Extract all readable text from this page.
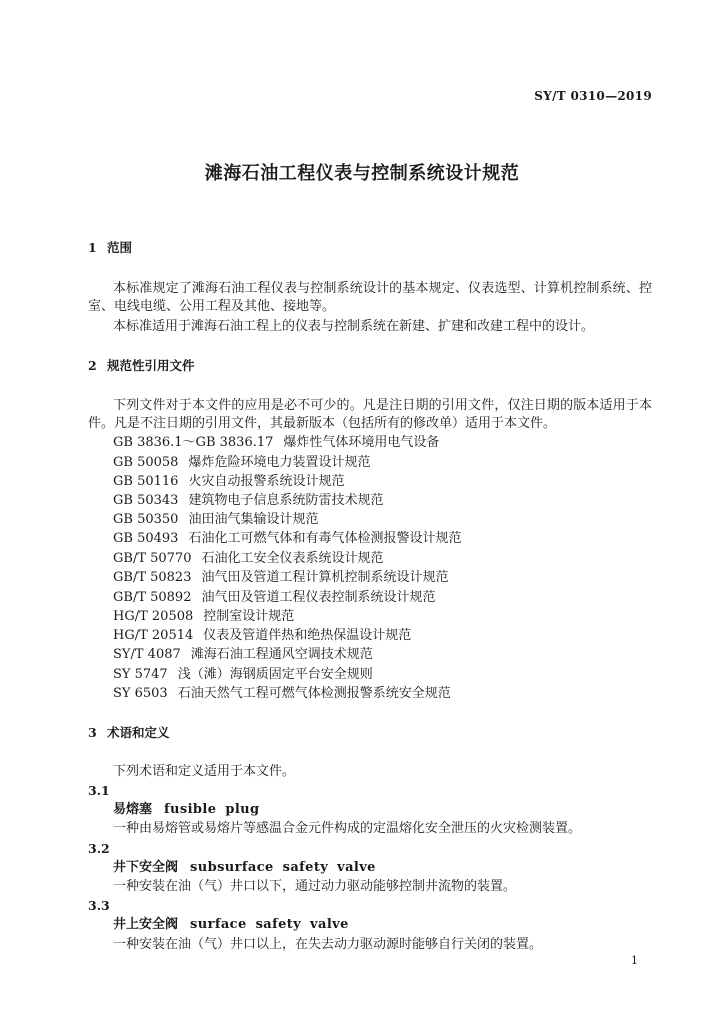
SY/T 0310—2019
滩海石油工程仪表与控制系统设计规范
1 范围
本标准规定了滩海石油工程仪表与控制系统设计的基本规定、仪表选型、计算机控制系统、控
室、电线电缆、公用工程及其他、接地等。
本标准适用于滩海石油工程上的仪表与控制系统在新建、扩建和改建工程中的设计。
2 规范性引用文件
下列文件对于本文件的应用是必不可少的。凡是注日期的引用文件，仅注日期的版本适用于本
件。凡是不注日期的引用文件，其最新版本（包括所有的修改单）适用于本文件。
GB 3836.1～GB 3836.17 爆炸性气体环境用电气设备
GB 50058 爆炸危险环境电力装置设计规范
GB 50116 火灾自动报警系统设计规范
GB 50343 建筑物电子信息系统防雷技术规范
GB 50350 油田油气集输设计规范
GB 50493 石油化工可燃气体和有毒气体检测报警设计规范
GB/T 50770 石油化工安全仪表系统设计规范
GB/T 50823 油气田及管道工程计算机控制系统设计规范
GB/T 50892 油气田及管道工程仪表控制系统设计规范
HG/T 20508 控制室设计规范
HG/T 20514 仪表及管道伴热和绝热保温设计规范
SY/T 4087 滩海石油工程通风空调技术规范
SY 5747 浅（滩）海钢质固定平台安全规则
SY 6503 石油天然气工程可燃气体检测报警系统安全规范
3 术语和定义
下列术语和定义适用于本文件。
3.1
易熔塞 fusible plug
一种由易熔管或易熔片等感温合金元件构成的定温熔化安全泄压的火灾检测装置。
3.2
井下安全阀 subsurface safety valve
一种安装在油（气）井口以下，通过动力驱动能够控制井流物的装置。
3.3
井上安全阀 surface safety valve
一种安装在油（气）井口以上，在失去动力驱动源时能够自行关闭的装置。
1
